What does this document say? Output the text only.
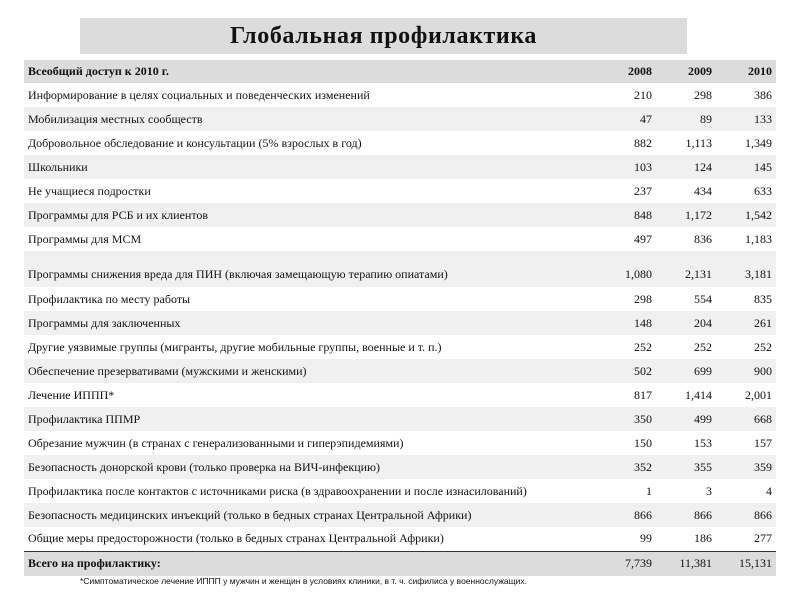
Глобальная профилактика
Всеобщий доступ к 2010 г.	2008	2009	2010
Информирование в целях социальных и поведенческих изменений	210	298	386
Мобилизация местных сообществ	47	89	133
Добровольное обследование и консультации (5% взрослых в год)	882	1,113	1,349
Школьники	103	124	145
Не учащиеся подростки	237	434	633
Программы для РСБ и их клиентов	848	1,172	1,542
Программы для МСМ	497	836	1,183
Программы снижения вреда для ПИН (включая замещающую терапию опиатами)	1,080	2,131	3,181
Профилактика по месту работы	298	554	835
Программы для заключенных	148	204	261
Другие уязвимые группы (мигранты, другие мобильные группы, военные и т. п.)	252	252	252
Обеспечение презервативами (мужскими и женскими)	502	699	900
Лечение ИППП*	817	1,414	2,001
Профилактика ППМР	350	499	668
Обрезание мужчин (в странах с генерализованными и гиперэпидемиями)	150	153	157
Безопасность донорской крови (только проверка на ВИЧ-инфекцию)	352	355	359
Профилактика после контактов с источниками риска (в здравоохранении и после изнасилований)	1	3	4
Безопасность медицинских инъекций (только в бедных странах Центральной Африки)	866	866	866
Общие меры предосторожности (только в бедных странах Центральной Африки)	99	186	277
Всего на профилактику:	7,739	11,381	15,131
*Симптоматическое лечение ИППП у мужчин и женщин в условиях клиники, в т. ч. сифилиса у военнослужащих.
